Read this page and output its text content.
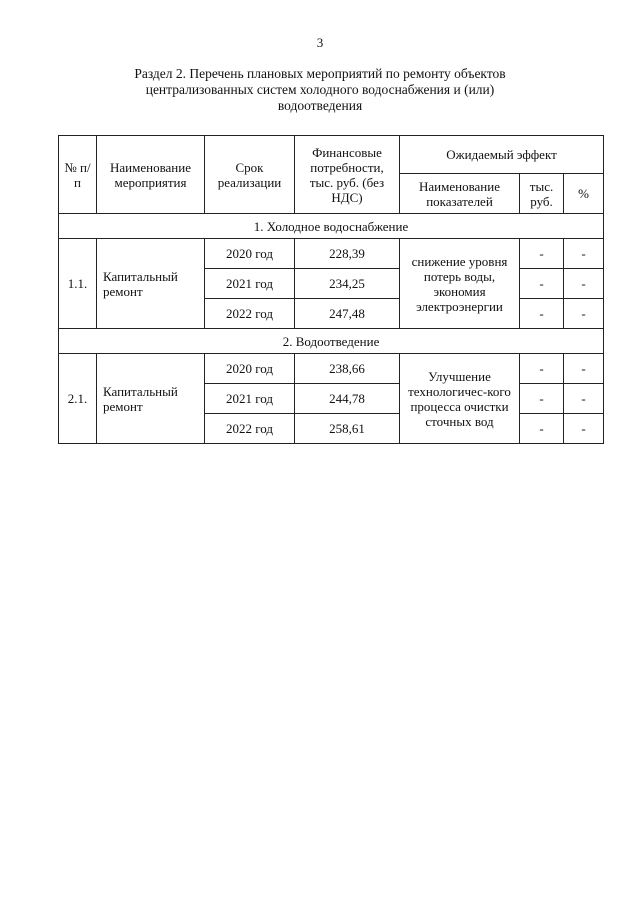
3
Раздел 2. Перечень плановых мероприятий по ремонту объектов
централизованных систем холодного водоснабжения и (или)
водоотведения
№ п/п	Наименование мероприятия	Срок реализации	Финансовые потребности, тыс. руб. (без НДС)	Ожидаемый эффект		
				Наименование показателей	тыс. руб.	%
1. Холодное водоснабжение						
1.1.	Капитальный ремонт	2020 год	228,39	снижение уровня потерь воды, экономия электроэнергии	-	-
		2021 год	234,25		-	-
		2022 год	247,48		-	-
2. Водоотведение						
2.1.	Капитальный ремонт	2020 год	238,66	Улучшение технологичес-кого процесса очистки сточных вод	-	-
		2021 год	244,78		-	-
		2022 год	258,61		-	-
